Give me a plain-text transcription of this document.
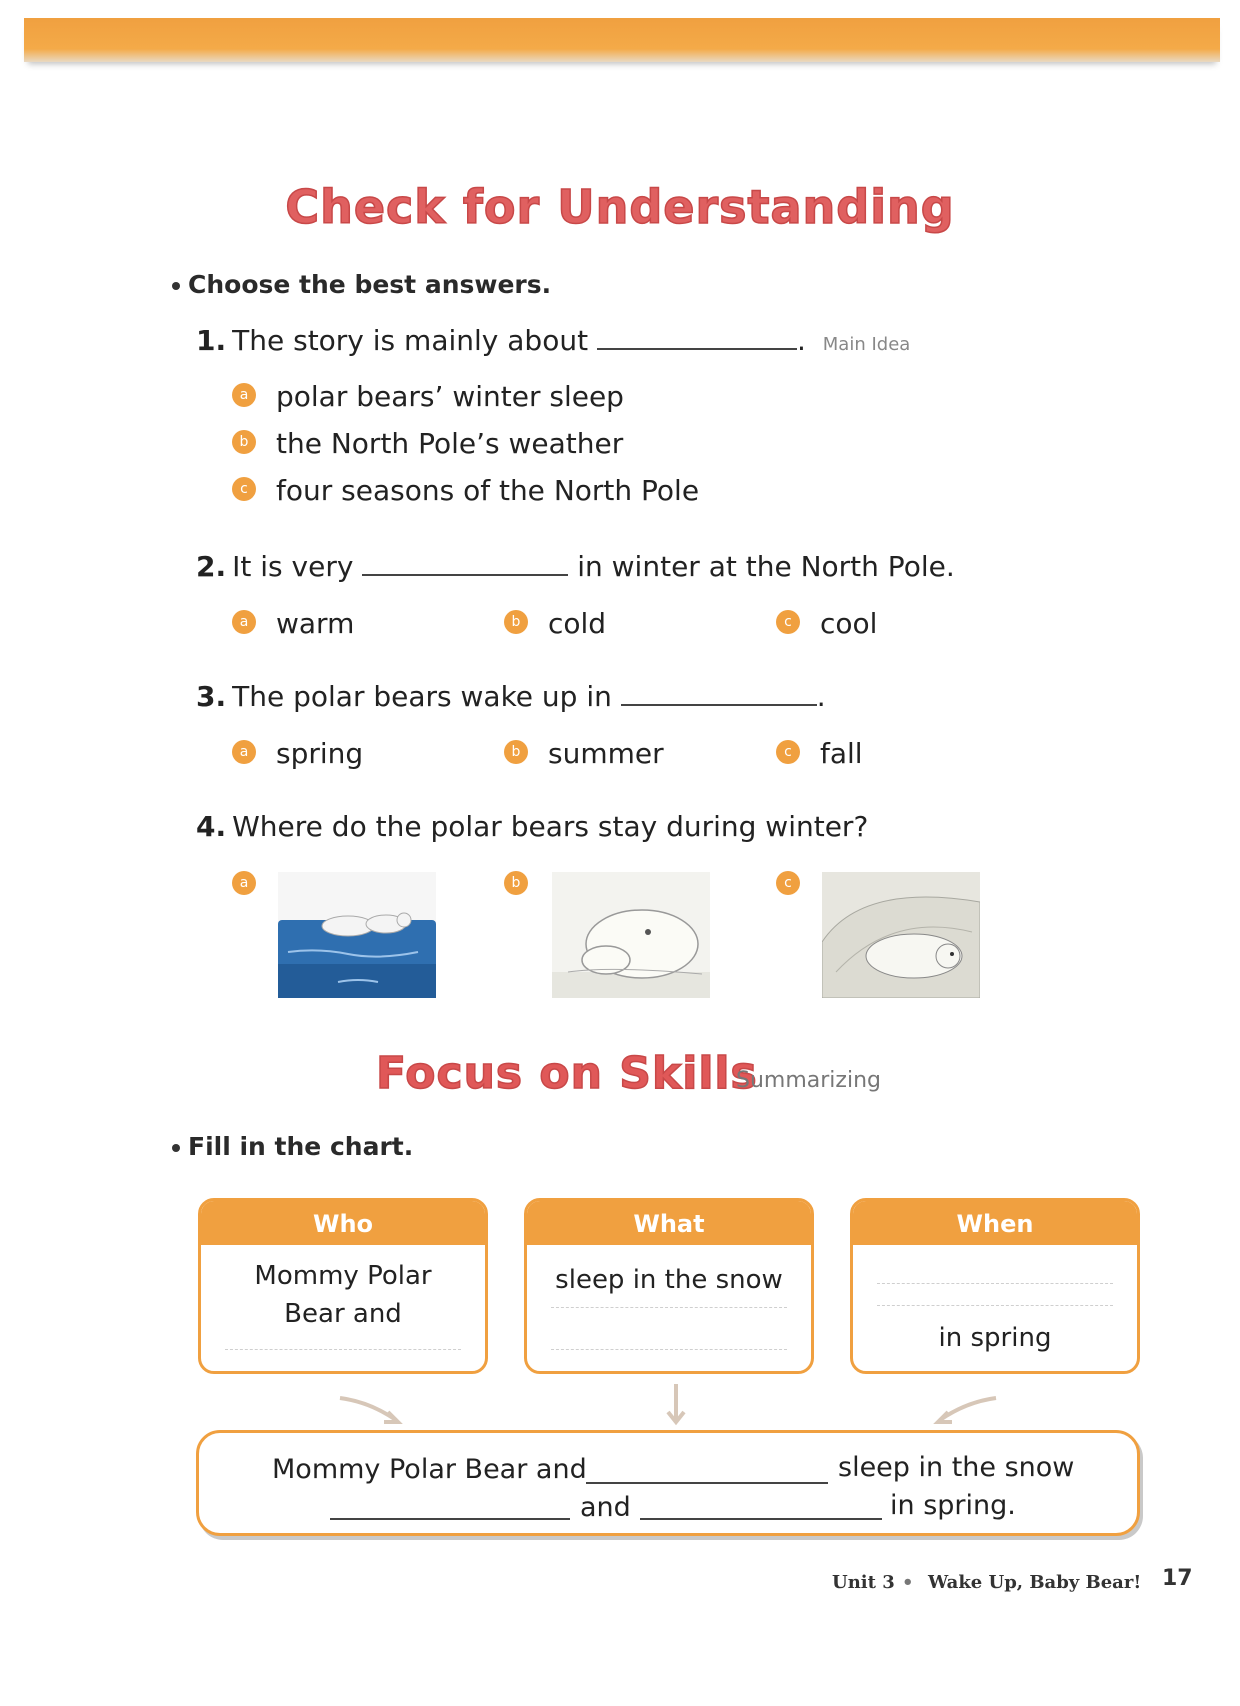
Check for Understanding
Choose the best answers.
1. The story is mainly about	. Main Idea
a polar bears’ winter sleep
b the North Pole’s weather
c four seasons of the North Pole
2. It is very	in winter at the North Pole.
a warm	b cold	c cool
3. The polar bears wake up in	.
a spring	b summer	c fall
4. Where do the polar bears stay during winter?
a	b	c
Focus on Skills
Summarizing
Fill in the chart.
Who
Mommy Polar
Bear and
What
sleep in the snow
When
in spring
Mommy Polar Bear and	sleep in the snow
and	in spring.
Unit 3 • Wake Up, Baby Bear! 17
